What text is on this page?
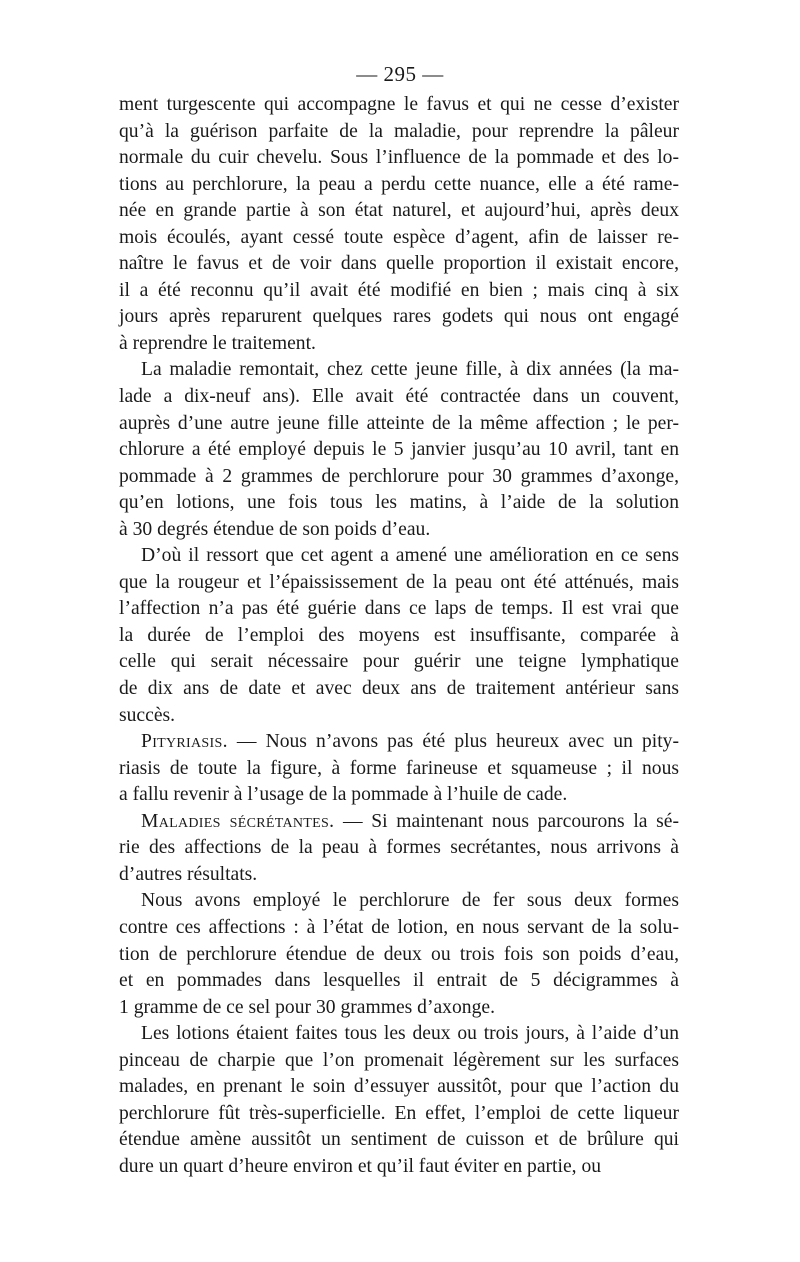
— 295 —
ment turgescente qui accompagne le favus et qui ne cesse d’exister
qu’à la guérison parfaite de la maladie, pour reprendre la pâleur
normale du cuir chevelu. Sous l’influence de la pommade et des lo-
tions au perchlorure, la peau a perdu cette nuance, elle a été rame-
née en grande partie à son état naturel, et aujourd’hui, après deux
mois écoulés, ayant cessé toute espèce d’agent, afin de laisser re-
naître le favus et de voir dans quelle proportion il existait encore,
il a été reconnu qu’il avait été modifié en bien ; mais cinq à six
jours après reparurent quelques rares godets qui nous ont engagé
à reprendre le traitement.
La maladie remontait, chez cette jeune fille, à dix années (la ma-
lade a dix-neuf ans). Elle avait été contractée dans un couvent,
auprès d’une autre jeune fille atteinte de la même affection ; le per-
chlorure a été employé depuis le 5 janvier jusqu’au 10 avril, tant en
pommade à 2 grammes de perchlorure pour 30 grammes d’axonge,
qu’en lotions, une fois tous les matins, à l’aide de la solution
à 30 degrés étendue de son poids d’eau.
D’où il ressort que cet agent a amené une amélioration en ce sens
que la rougeur et l’épaississement de la peau ont été atténués, mais
l’affection n’a pas été guérie dans ce laps de temps. Il est vrai que
la durée de l’emploi des moyens est insuffisante, comparée à
celle qui serait nécessaire pour guérir une teigne lymphatique
de dix ans de date et avec deux ans de traitement antérieur sans
succès.
Pityriasis. — Nous n’avons pas été plus heureux avec un pity-
riasis de toute la figure, à forme farineuse et squameuse ; il nous
a fallu revenir à l’usage de la pommade à l’huile de cade.
Maladies sécrétantes. — Si maintenant nous parcourons la sé-
rie des affections de la peau à formes secrétantes, nous arrivons à
d’autres résultats.
Nous avons employé le perchlorure de fer sous deux formes
contre ces affections : à l’état de lotion, en nous servant de la solu-
tion de perchlorure étendue de deux ou trois fois son poids d’eau,
et en pommades dans lesquelles il entrait de 5 décigrammes à
1 gramme de ce sel pour 30 grammes d’axonge.
Les lotions étaient faites tous les deux ou trois jours, à l’aide d’un
pinceau de charpie que l’on promenait légèrement sur les surfaces
malades, en prenant le soin d’essuyer aussitôt, pour que l’action du
perchlorure fût très-superficielle. En effet, l’emploi de cette liqueur
étendue amène aussitôt un sentiment de cuisson et de brûlure qui
dure un quart d’heure environ et qu’il faut éviter en partie, ou
